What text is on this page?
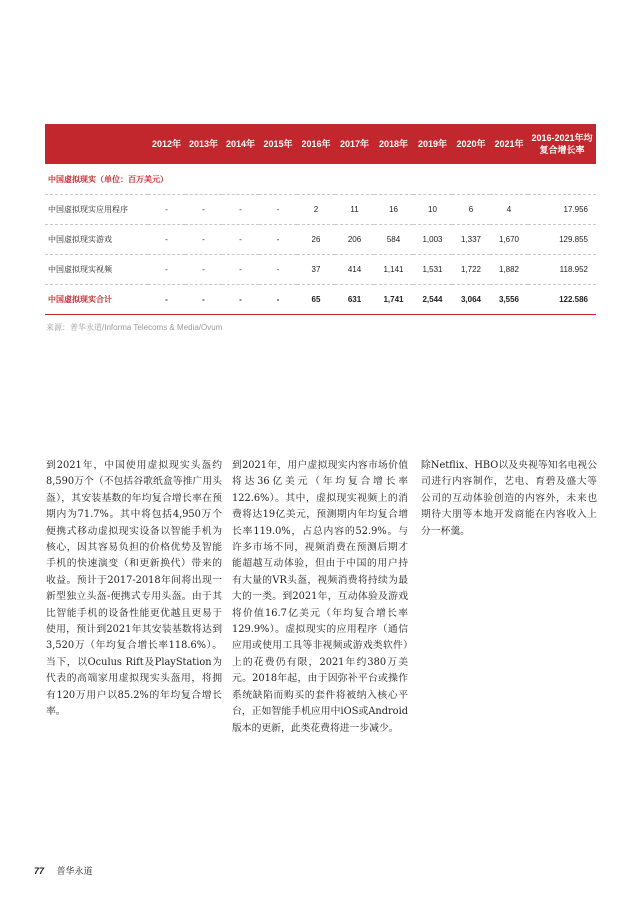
	2012年	2013年	2014年	2015年	2016年	2017年	2018年	2019年	2020年	2021年	2016-2021年均复合增长率
中国虚拟现实（单位：百万美元）											
中国虚拟现实应用程序	-	-	-	-	2	11	16	10	6	4	17.956
中国虚拟现实游戏	-	-	-	-	26	206	584	1,003	1,337	1,670	129.855
中国虚拟现实视频	-	-	-	-	37	414	1,141	1,531	1,722	1,882	118.952
中国虚拟现实合计	-	-	-	-	65	631	1,741	2,544	3,064	3,556	122.586
来源：普华永道/Informa Telecoms & Media/Ovum

到2021年，中国使用虚拟现实头盔约8,590万个（不包括谷歌纸盒等推广用头盔），其安装基数的年均复合增长率在预期内为71.7%。其中将包括4,950万个便携式移动虚拟现实设备以智能手机为核心，因其容易负担的价格优势及智能手机的快速演变（和更新换代）带来的收益。预计于2017-2018年间将出现一新型独立头盔-便携式专用头盔。由于其比智能手机的设备性能更优越且更易于使用，预计到2021年其安装基数将达到3,520万（年均复合增长率118.6%）。当下，以Oculus Rift及PlayStation为代表的高端家用虚拟现实头盔用，将拥有120万用户以85.2%的年均复合增长率。

到2021年，用户虚拟现实内容市场价值将达36亿美元（年均复合增长率122.6%）。其中，虚拟现实视频上的消费将达19亿美元，预测期内年均复合增长率119.0%，占总内容的52.9%。与许多市场不同，视频消费在预测后期才能超越互动体验，但由于中国的用户持有大量的VR头盔，视频消费将持续为最大的一类。到2021年，互动体验及游戏将价值16.7亿美元（年均复合增长率129.9%）。虚拟现实的应用程序（通信应用或使用工具等非视频或游戏类软件）上的花费仍有限，2021年约380万美元。2018年起，由于因弥补平台或操作系统缺陷而购买的套件将被纳入核心平台，正如智能手机应用中iOS或Android版本的更新，此类花费将进一步减少。

除Netflix、HBO以及央视等知名电视公司进行内容制作，艺电、育碧及盛大等公司的互动体验创造的内容外，未来也期待大朋等本地开发商能在内容收入上分一杯羹。

77 普华永道
